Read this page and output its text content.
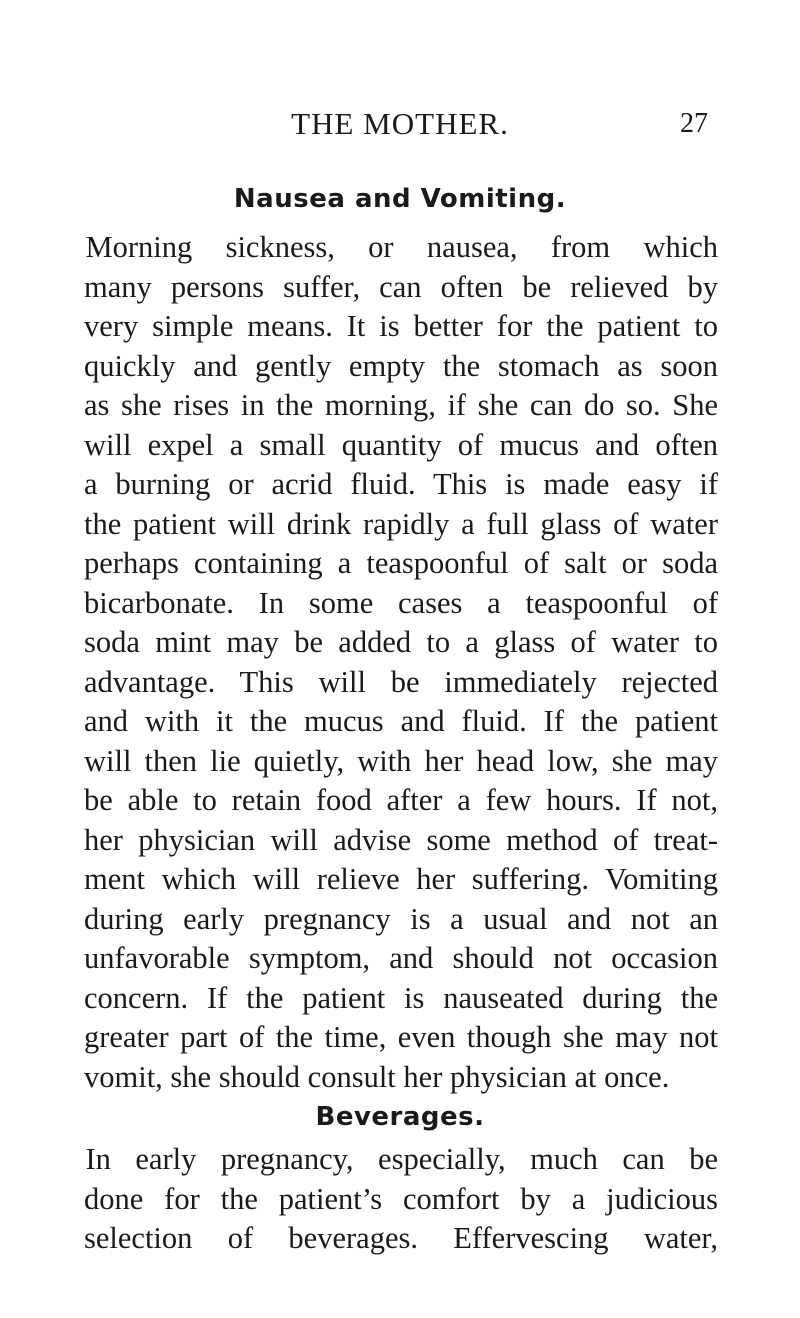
THE MOTHER.	27
Nausea and Vomiting.
Morning sickness, or nausea, from which
many persons suffer, can often be relieved by
very simple means. It is better for the patient to
quickly and gently empty the stomach as soon
as she rises in the morning, if she can do so. She
will expel a small quantity of mucus and often
a burning or acrid fluid. This is made easy if
the patient will drink rapidly a full glass of water
perhaps containing a teaspoonful of salt or soda
bicarbonate. In some cases a teaspoonful of
soda mint may be added to a glass of water to
advantage. This will be immediately rejected
and with it the mucus and fluid. If the patient
will then lie quietly, with her head low, she may
be able to retain food after a few hours. If not,
her physician will advise some method of treat-
ment which will relieve her suffering. Vomiting
during early pregnancy is a usual and not an
unfavorable symptom, and should not occasion
concern. If the patient is nauseated during the
greater part of the time, even though she may not
vomit, she should consult her physician at once.
Beverages.
In early pregnancy, especially, much can be
done for the patient’s comfort by a judicious
selection of beverages. Effervescing water,
